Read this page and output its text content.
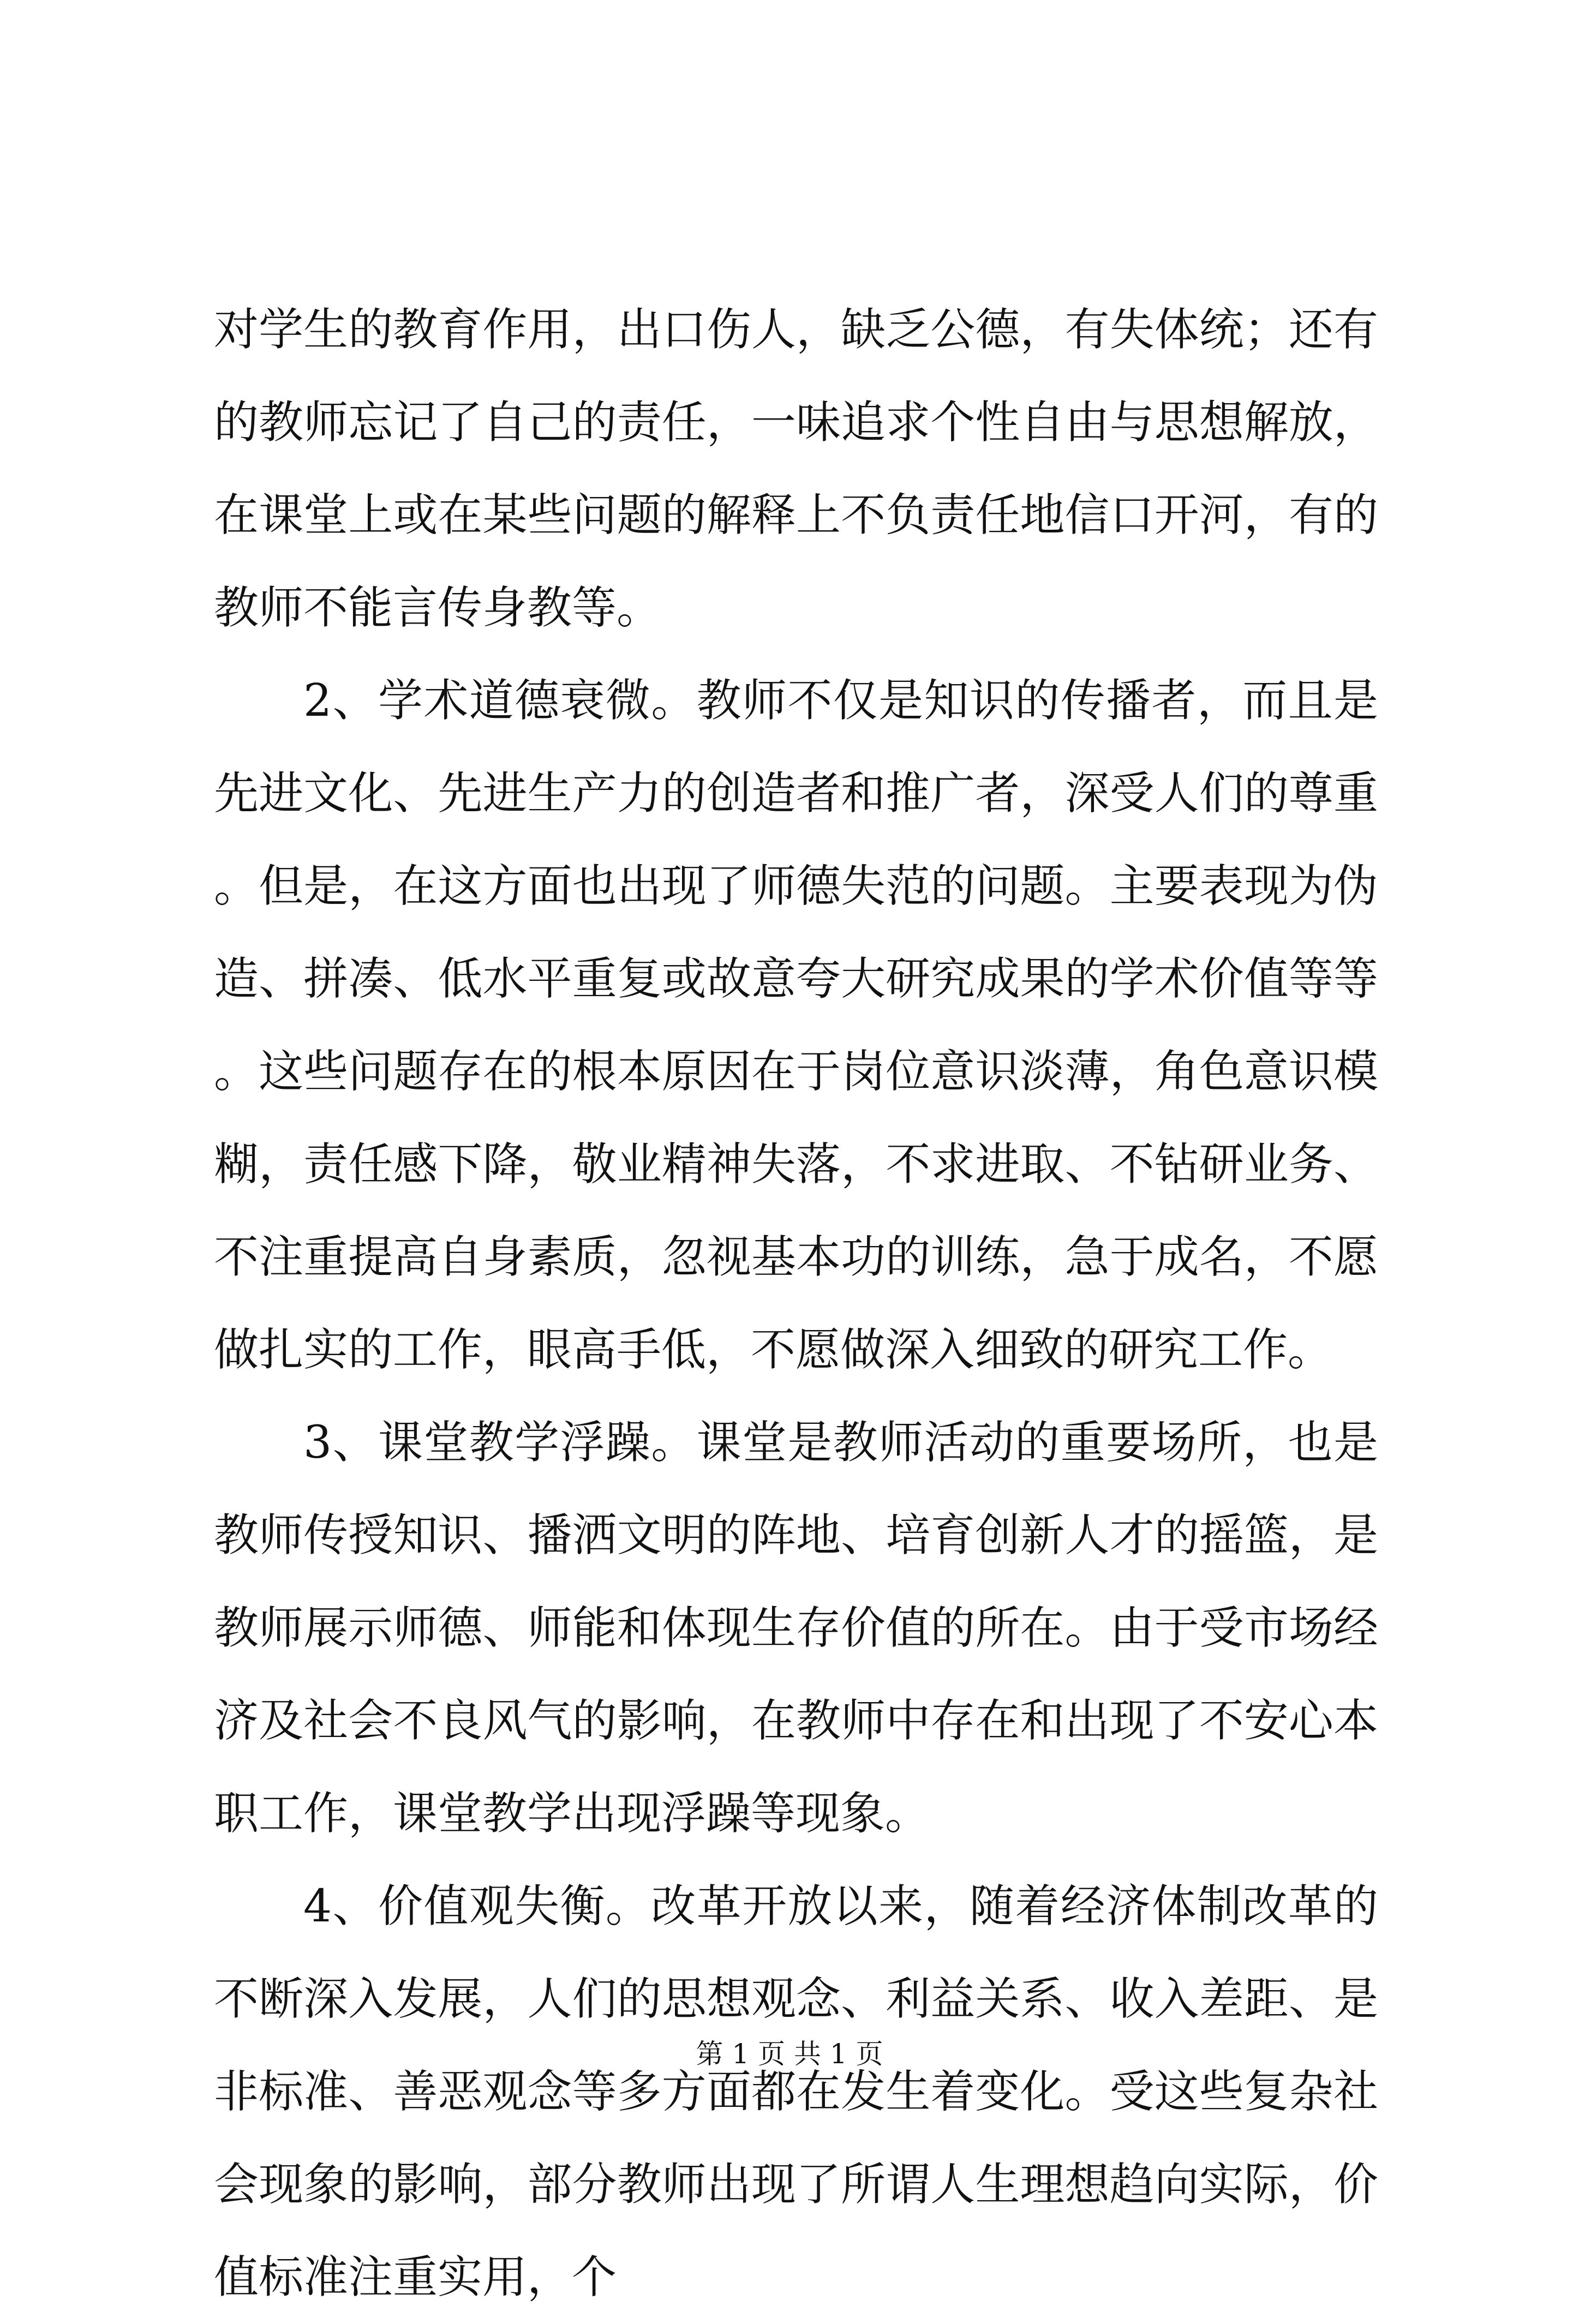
对学生的教育作用，出口伤人，缺乏公德，有失体统；还有的教师忘记了自己的责任，一味追求个性自由与思想解放，在课堂上或在某些问题的解释上不负责任地信口开河，有的教师不能言传身教等。

2、学术道德衰微。教师不仅是知识的传播者，而且是先进文化、先进生产力的创造者和推广者，深受人们的尊重。但是，在这方面也出现了师德失范的问题。主要表现为伪造、拼凑、低水平重复或故意夸大研究成果的学术价值等等。这些问题存在的根本原因在于岗位意识淡薄，角色意识模糊，责任感下降，敬业精神失落，不求进取、不钻研业务、不注重提高自身素质，忽视基本功的训练，急于成名，不愿做扎实的工作，眼高手低，不愿做深入细致的研究工作。

3、课堂教学浮躁。课堂是教师活动的重要场所，也是教师传授知识、播洒文明的阵地、培育创新人才的摇篮，是教师展示师德、师能和体现生存价值的所在。由于受市场经济及社会不良风气的影响，在教师中存在和出现了不安心本职工作，课堂教学出现浮躁等现象。

4、价值观失衡。改革开放以来，随着经济体制改革的不断深入发展，人们的思想观念、利益关系、收入差距、是非标准、善恶观念等多方面都在发生着变化。受这些复杂社会现象的影响，部分教师出现了所谓人生理想趋向实际，价值标准注重实用，个

第 1 页 共 1 页
